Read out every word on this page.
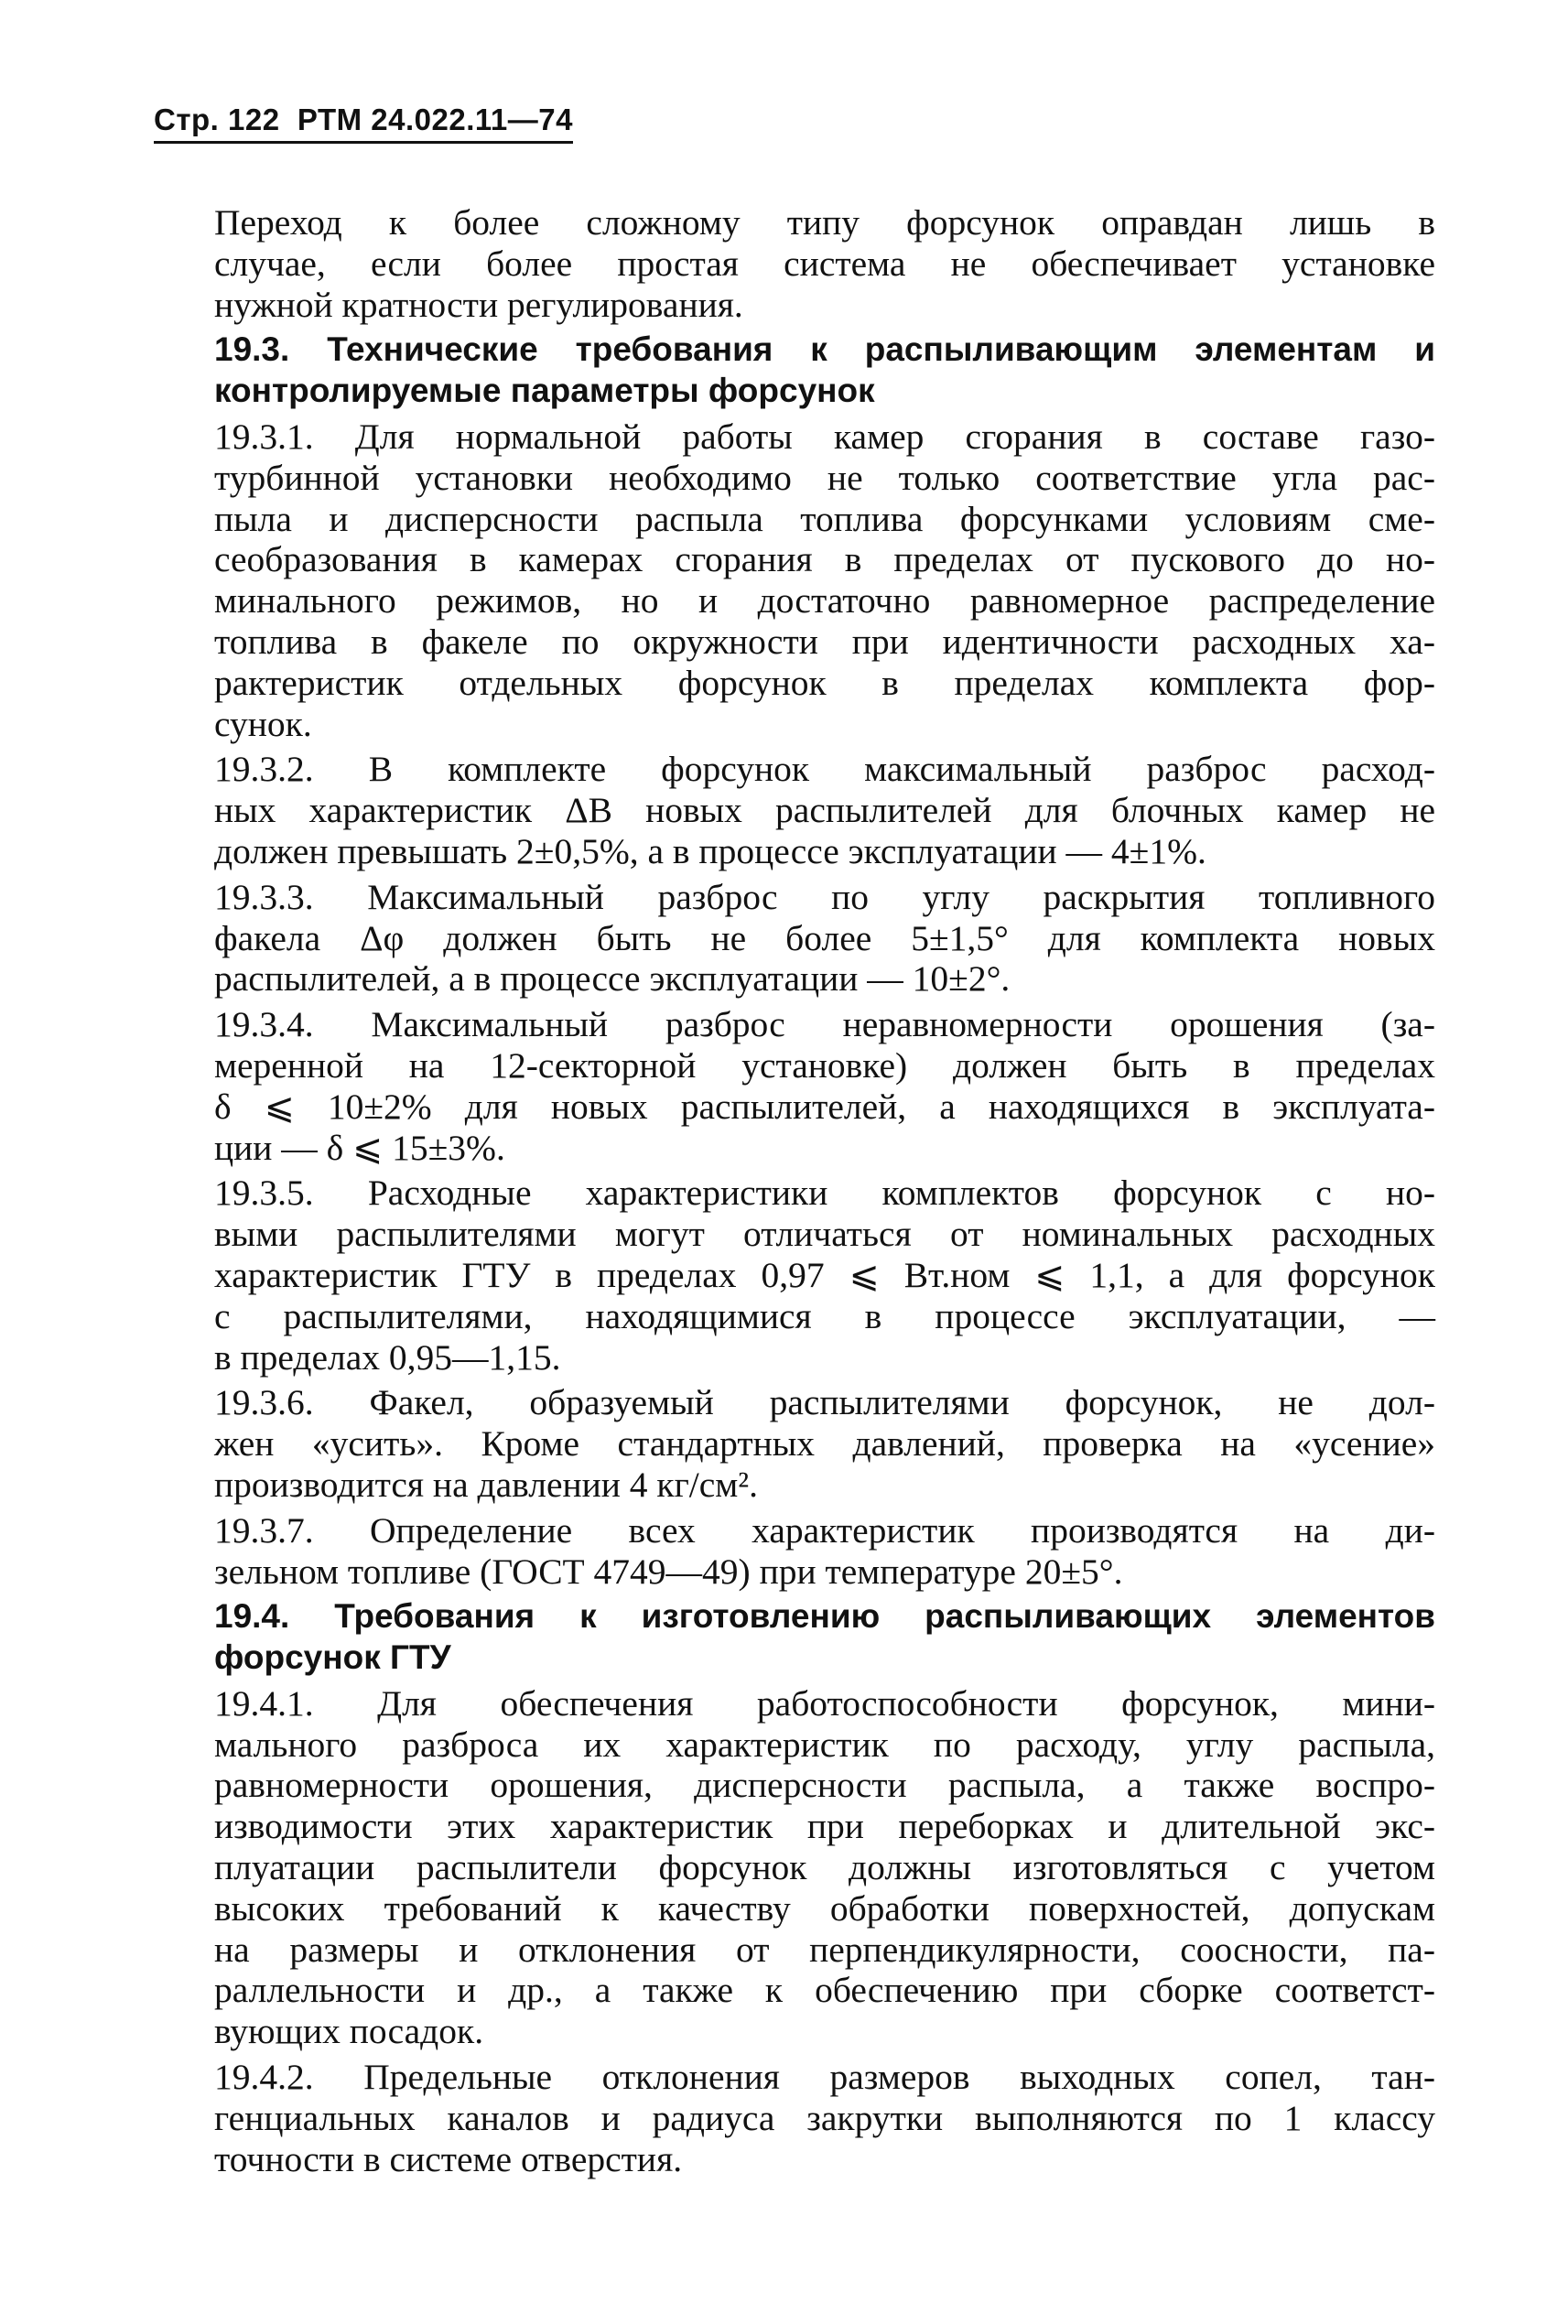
Стр. 122 РТМ 24.022.11—74
Переход к более сложному типу форсунок оправдан лишь в
случае, если более простая система не обеспечивает установке
нужной кратности регулирования.
19.3. Технические требования к распыливающим элементам и
контролируемые параметры форсунок
19.3.1. Для нормальной работы камер сгорания в составе газо-
турбинной установки необходимо не только соответствие угла рас-
пыла и дисперсности распыла топлива форсунками условиям сме-
сеобразования в камерах сгорания в пределах от пускового до но-
минального режимов, но и достаточно равномерное распределение
топлива в факеле по окружности при идентичности расходных ха-
рактеристик отдельных форсунок в пределах комплекта фор-
сунок.
19.3.2. В комплекте форсунок максимальный разброс расход-
ных характеристик ΔB новых распылителей для блочных камер не
должен превышать 2±0,5%, а в процессе эксплуатации — 4±1%.
19.3.3. Максимальный разброс по углу раскрытия топливного
факела Δφ должен быть не более 5±1,5° для комплекта новых
распылителей, а в процессе эксплуатации — 10±2°.
19.3.4. Максимальный разброс неравномерности орошения (за-
меренной на 12-секторной установке) должен быть в пределах
δ ⩽ 10±2% для новых распылителей, а находящихся в эксплуата-
ции — δ ⩽ 15±3%.
19.3.5. Расходные характеристики комплектов форсунок с но-
выми распылителями могут отличаться от номинальных расходных
характеристик ГТУ в пределах 0,97 ⩽ Bт.ном ⩽ 1,1, а для форсунок
с распылителями, находящимися в процессе эксплуатации, —
в пределах 0,95—1,15.
19.3.6. Факел, образуемый распылителями форсунок, не дол-
жен «усить». Кроме стандартных давлений, проверка на «усение»
производится на давлении 4 кг/см².
19.3.7. Определение всех характеристик производятся на ди-
зельном топливе (ГОСТ 4749—49) при температуре 20±5°.
19.4. Требования к изготовлению распыливающих элементов
форсунок ГТУ
19.4.1. Для обеспечения работоспособности форсунок, мини-
мального разброса их характеристик по расходу, углу распыла,
равномерности орошения, дисперсности распыла, а также воспро-
изводимости этих характеристик при переборках и длительной экс-
плуатации распылители форсунок должны изготовляться с учетом
высоких требований к качеству обработки поверхностей, допускам
на размеры и отклонения от перпендикулярности, соосности, па-
раллельности и др., а также к обеспечению при сборке соответст-
вующих посадок.
19.4.2. Предельные отклонения размеров выходных сопел, тан-
генциальных каналов и радиуса закрутки выполняются по 1 классу
точности в системе отверстия.
